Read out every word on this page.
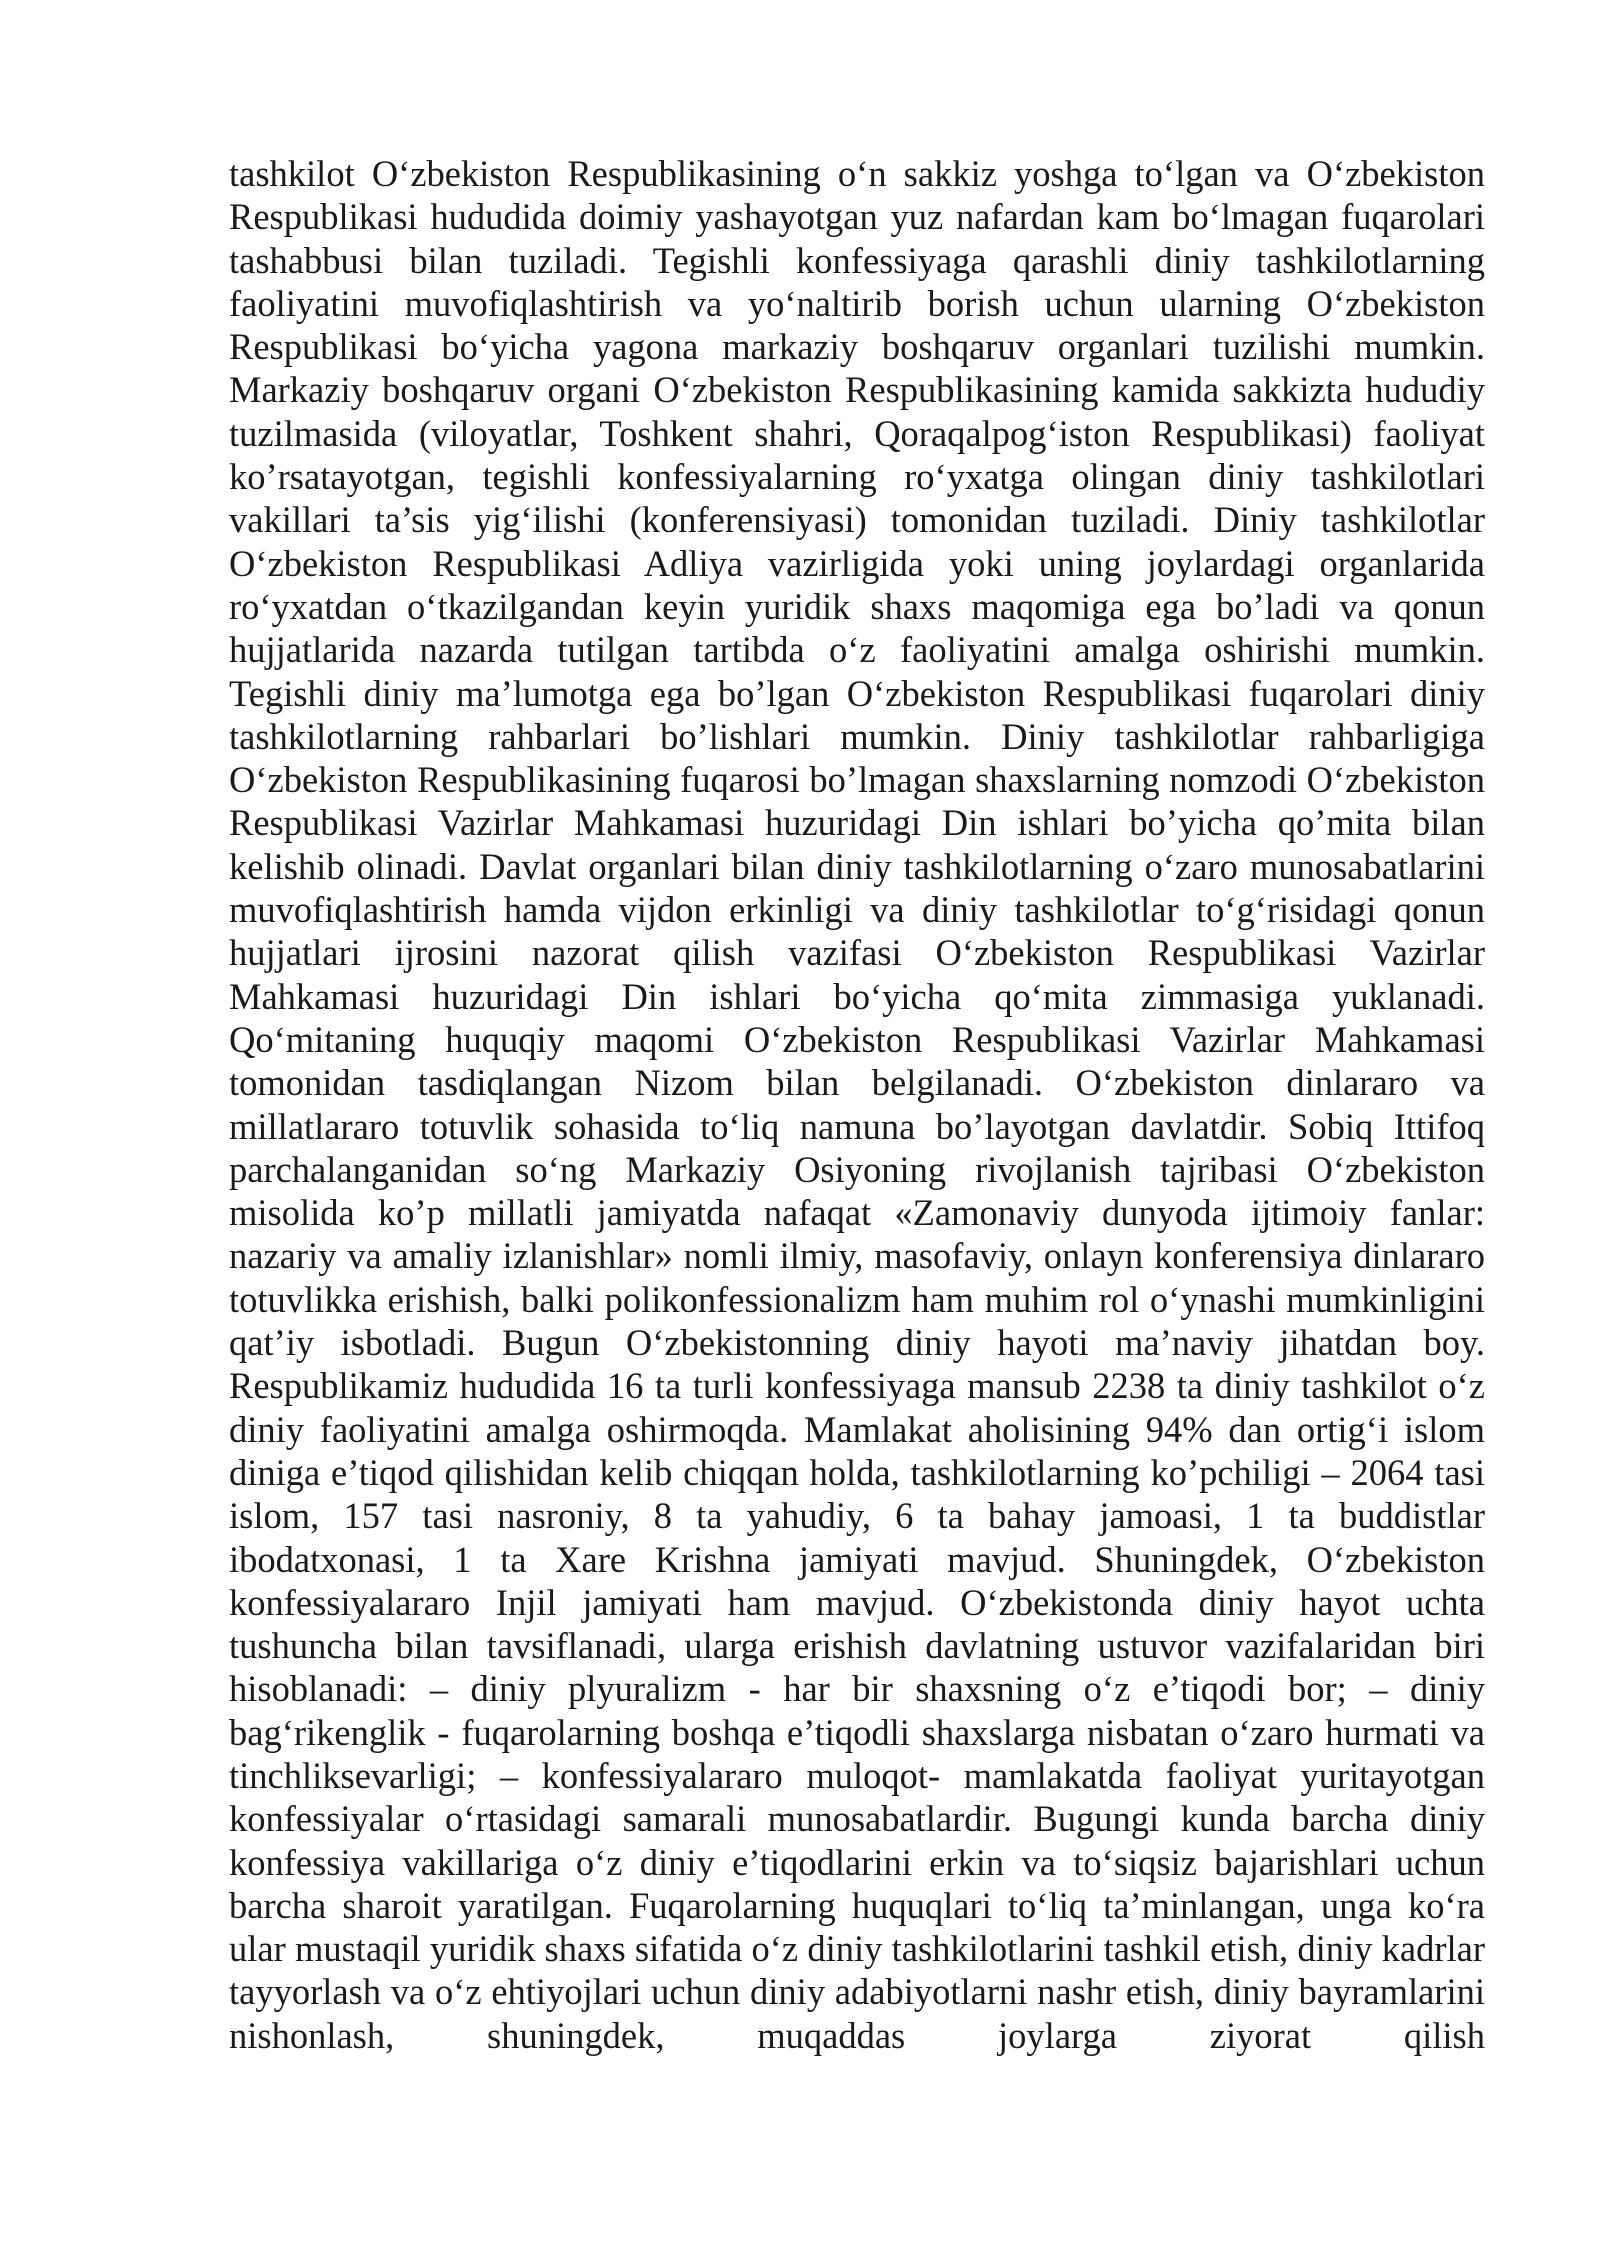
tashkilot O‘zbekiston Respublikasining o‘n sakkiz yoshga to‘lgan va O‘zbekiston Respublikasi hududida doimiy yashayotgan yuz nafardan kam bo‘lmagan fuqarolari tashabbusi bilan tuziladi. Tegishli konfessiyaga qarashli diniy tashkilotlarning faoliyatini muvofiqlashtirish va yo‘naltirib borish uchun ularning O‘zbekiston Respublikasi bo‘yicha yagona markaziy boshqaruv organlari tuzilishi mumkin. Markaziy boshqaruv organi O‘zbekiston Respublikasining kamida sakkizta hududiy tuzilmasida (viloyatlar, Toshkent shahri, Qoraqalpog‘iston Respublikasi) faoliyat ko’rsatayotgan, tegishli konfessiyalarning ro‘yxatga olingan diniy tashkilotlari vakillari ta’sis yig‘ilishi (konferensiyasi) tomonidan tuziladi. Diniy tashkilotlar O‘zbekiston Respublikasi Adliya vazirligida yoki uning joylardagi organlarida ro‘yxatdan o‘tkazilgandan keyin yuridik shaxs maqomiga ega bo’ladi va qonun hujjatlarida nazarda tutilgan tartibda o‘z faoliyatini amalga oshirishi mumkin. Tegishli diniy ma’lumotga ega bo’lgan O‘zbekiston Respublikasi fuqarolari diniy tashkilotlarning rahbarlari bo’lishlari mumkin. Diniy tashkilotlar rahbarligiga O‘zbekiston Respublikasining fuqarosi bo’lmagan shaxslarning nomzodi O‘zbekiston Respublikasi Vazirlar Mahkamasi huzuridagi Din ishlari bo’yicha qo’mita bilan kelishib olinadi. Davlat organlari bilan diniy tashkilotlarning o‘zaro munosabatlarini muvofiqlashtirish hamda vijdon erkinligi va diniy tashkilotlar to‘g‘risidagi qonun hujjatlari ijrosini nazorat qilish vazifasi O‘zbekiston Respublikasi Vazirlar Mahkamasi huzuridagi Din ishlari bo‘yicha qo‘mita zimmasiga yuklanadi. Qo‘mitaning huquqiy maqomi O‘zbekiston Respublikasi Vazirlar Mahkamasi tomonidan tasdiqlangan Nizom bilan belgilanadi. O‘zbekiston dinlararo va millatlararo totuvlik sohasida to‘liq namuna bo’layotgan davlatdir. Sobiq Ittifoq parchalanganidan so‘ng Markaziy Osiyoning rivojlanish tajribasi O‘zbekiston misolida ko’p millatli jamiyatda nafaqat «Zamonaviy dunyoda ijtimoiy fanlar: nazariy va amaliy izlanishlar» nomli ilmiy, masofaviy, onlayn konferensiya dinlararo totuvlikka erishish, balki polikonfessionalizm ham muhim rol o‘ynashi mumkinligini qat’iy isbotladi. Bugun O‘zbekistonning diniy hayoti ma’naviy jihatdan boy. Respublikamiz hududida 16 ta turli konfessiyaga mansub 2238 ta diniy tashkilot o‘z diniy faoliyatini amalga oshirmoqda. Mamlakat aholisining 94% dan ortig‘i islom diniga e’tiqod qilishidan kelib chiqqan holda, tashkilotlarning ko’pchiligi – 2064 tasi islom, 157 tasi nasroniy, 8 ta yahudiy, 6 ta bahay jamoasi, 1 ta buddistlar ibodatxonasi, 1 ta Xare Krishna jamiyati mavjud. Shuningdek, O‘zbekiston konfessiyalararo Injil jamiyati ham mavjud. O‘zbekistonda diniy hayot uchta tushuncha bilan tavsiflanadi, ularga erishish davlatning ustuvor vazifalaridan biri hisoblanadi: – diniy plyuralizm - har bir shaxsning o‘z e’tiqodi bor; – diniy bag‘rikenglik - fuqarolarning boshqa e’tiqodli shaxslarga nisbatan o‘zaro hurmati va tinchliksevarligi; – konfessiyalararo muloqot- mamlakatda faoliyat yuritayotgan konfessiyalar o‘rtasidagi samarali munosabatlardir. Bugungi kunda barcha diniy konfessiya vakillariga o‘z diniy e’tiqodlarini erkin va to‘siqsiz bajarishlari uchun barcha sharoit yaratilgan. Fuqarolarning huquqlari to‘liq ta’minlangan, unga ko‘ra ular mustaqil yuridik shaxs sifatida o‘z diniy tashkilotlarini tashkil etish, diniy kadrlar tayyorlash va o‘z ehtiyojlari uchun diniy adabiyotlarni nashr etish, diniy bayramlarini nishonlash, shuningdek, muqaddas joylarga ziyorat qilish
